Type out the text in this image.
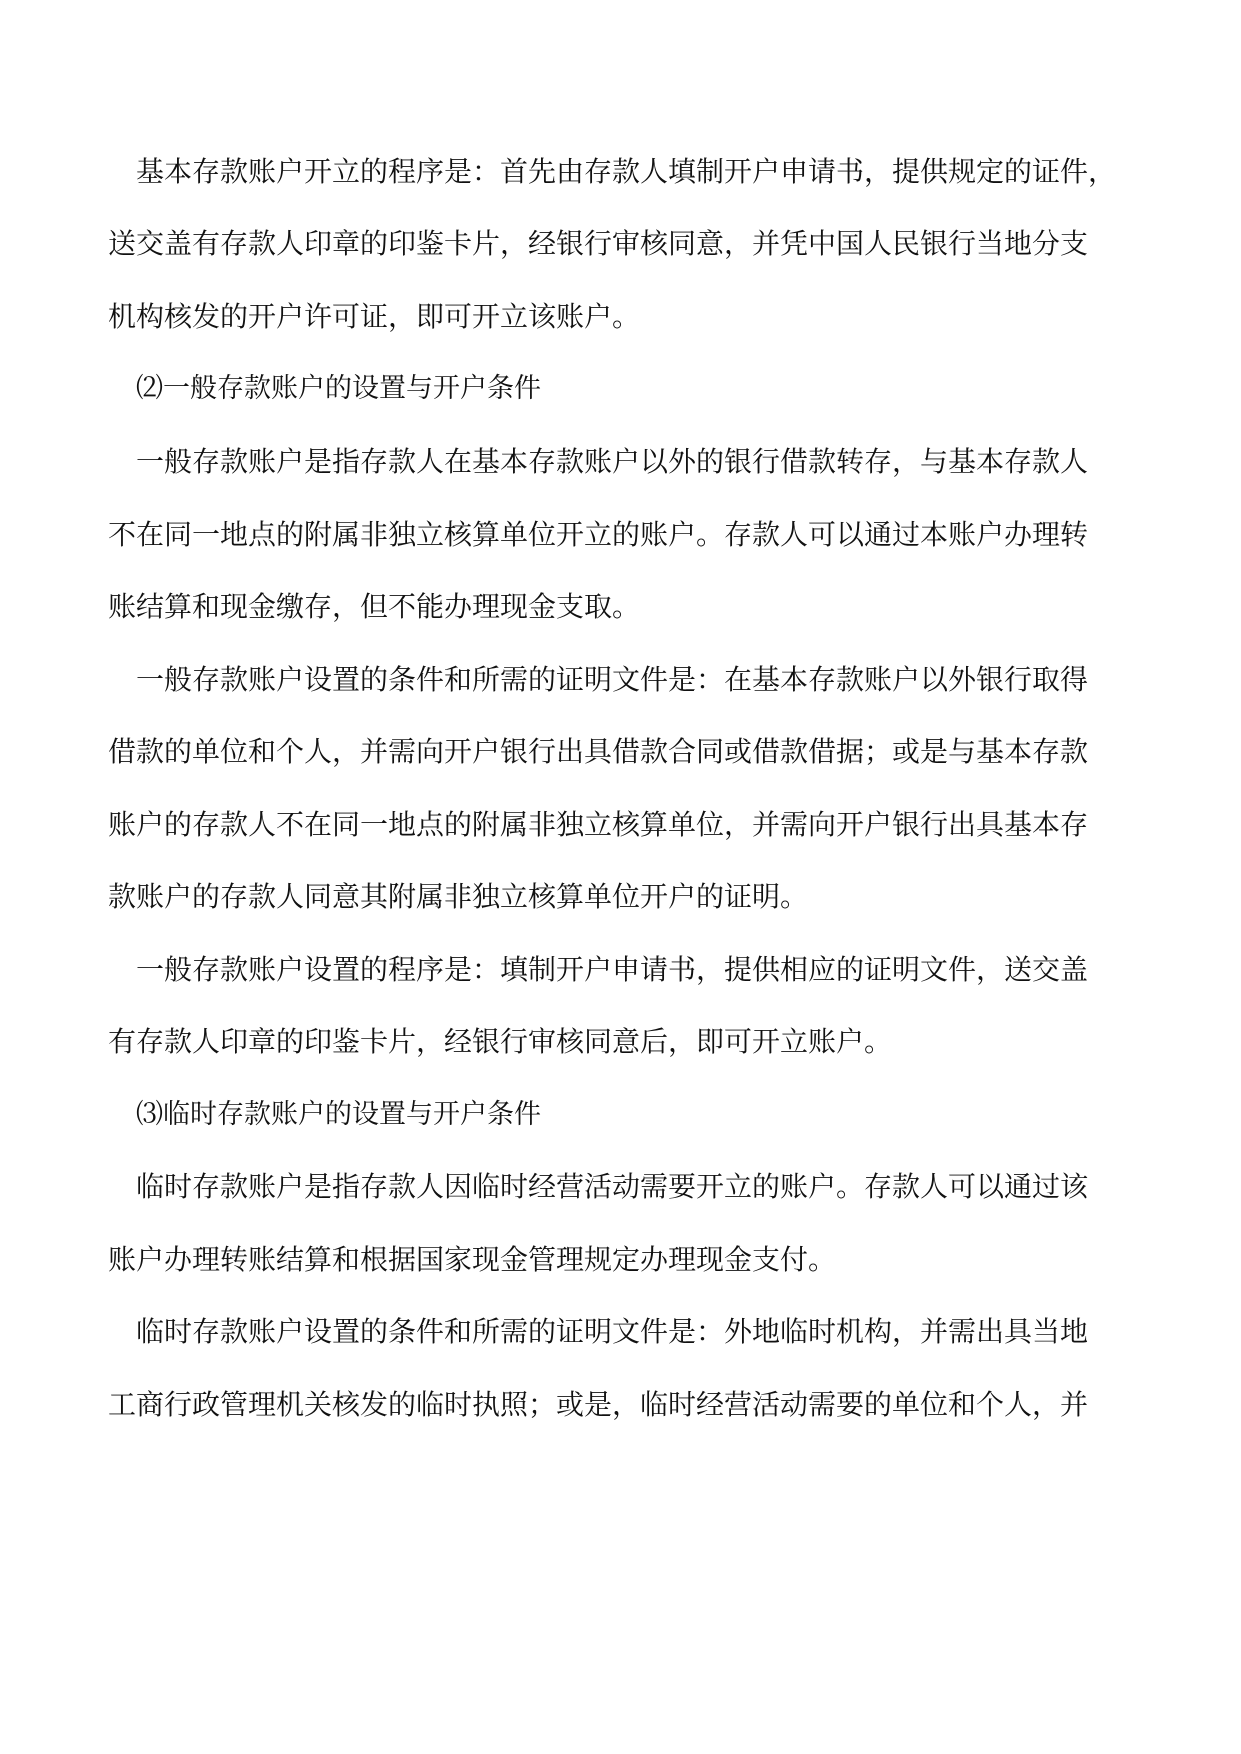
基本存款账户开立的程序是：首先由存款人填制开户申请书，提供规定的证件，
送交盖有存款人印章的印鉴卡片，经银行审核同意，并凭中国人民银行当地分支
机构核发的开户许可证，即可开立该账户。
⑵一般存款账户的设置与开户条件
一般存款账户是指存款人在基本存款账户以外的银行借款转存，与基本存款人
不在同一地点的附属非独立核算单位开立的账户。存款人可以通过本账户办理转
账结算和现金缴存，但不能办理现金支取。
一般存款账户设置的条件和所需的证明文件是：在基本存款账户以外银行取得
借款的单位和个人，并需向开户银行出具借款合同或借款借据；或是与基本存款
账户的存款人不在同一地点的附属非独立核算单位，并需向开户银行出具基本存
款账户的存款人同意其附属非独立核算单位开户的证明。
一般存款账户设置的程序是：填制开户申请书，提供相应的证明文件，送交盖
有存款人印章的印鉴卡片，经银行审核同意后，即可开立账户。
⑶临时存款账户的设置与开户条件
临时存款账户是指存款人因临时经营活动需要开立的账户。存款人可以通过该
账户办理转账结算和根据国家现金管理规定办理现金支付。
临时存款账户设置的条件和所需的证明文件是：外地临时机构，并需出具当地
工商行政管理机关核发的临时执照；或是，临时经营活动需要的单位和个人，并
